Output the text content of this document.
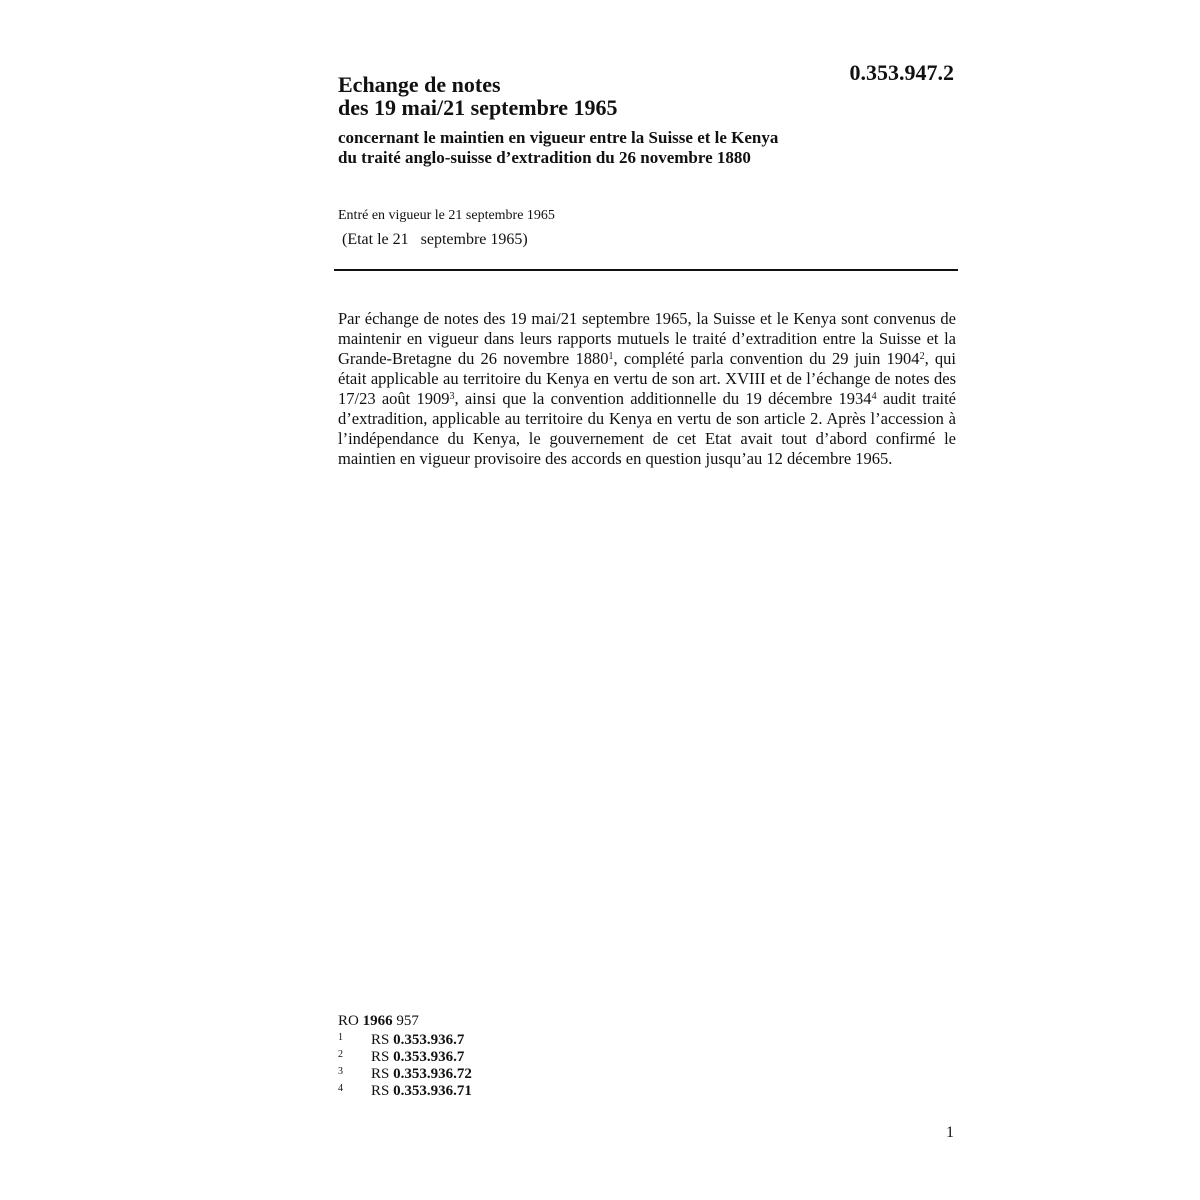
0.353.947.2

Echange de notes
des 19 mai/21 septembre 1965
concernant le maintien en vigueur entre la Suisse et le Kenya
du traité anglo-suisse d’extradition du 26 novembre 1880

Entré en vigueur le 21 septembre 1965

(Etat le 21   septembre 1965)

Par échange de notes des 19 mai/21 septembre 1965, la Suisse et le Kenya sont convenus de maintenir en vigueur dans leurs rapports mutuels le traité d’extradition entre la Suisse et la Grande-Bretagne du 26 novembre 1880$^1$, complété parla convention du 29 juin 1904$^2$, qui était applicable au territoire du Kenya en vertu de son art. XVIII et de l’échange de notes des 17/23 août 1909$^3$, ainsi que la convention additionnelle du 19 décembre 1934$^4$ audit traité d’extradition, applicable au territoire du Kenya en vertu de son article 2. Après l’accession à l’indépendance du Kenya, le gouvernement de cet Etat avait tout d’abord confirmé le maintien en vigueur provisoire des accords en question jusqu’au 12 décembre 1965.

RO 1966 957

1	RS 0.353.936.7
2	RS 0.353.936.7
3	RS 0.353.936.72
4	RS 0.353.936.71

1
